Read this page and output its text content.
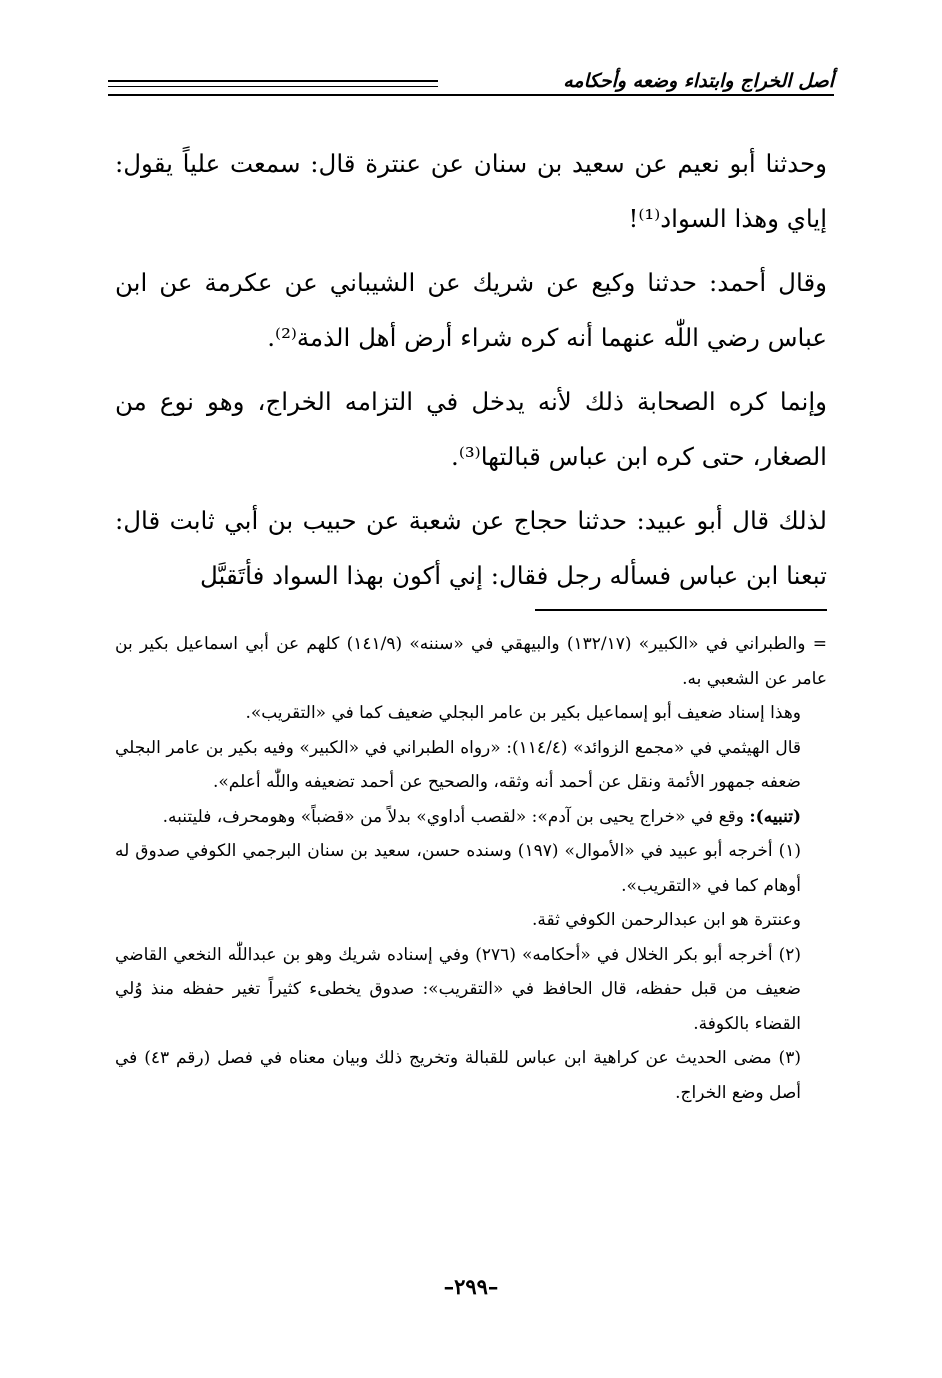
أصل الخراج وابتداء وضعه وأحكامه

وحدثنا أبو نعيم عن سعيد بن سنان عن عنترة قال: سمعت علياً يقول: إياي وهذا السواد⁽¹⁾!

وقال أحمد: حدثنا وكيع عن شريك عن الشيباني عن عكرمة عن ابن عباس رضي اللّٰه عنهما أنه كره شراء أرض أهل الذمة⁽²⁾.

وإنما كره الصحابة ذلك لأنه يدخل في التزامه الخراج، وهو نوع من الصغار، حتى كره ابن عباس قبالتها⁽³⁾.

لذلك قال أبو عبيد: حدثنا حجاج عن شعبة عن حبيب بن أبي ثابت قال: تبعنا ابن عباس فسأله رجل فقال: إني أكون بهذا السواد فأتَقبَّل

= والطبراني في «الكبير» (١٣٢/١٧) والبيهقي في «سننه» (١٤١/٩) كلهم عن أبي اسماعيل بكير بن عامر عن الشعبي به.

وهذا إسناد ضعيف أبو إسماعيل بكير بن عامر البجلي ضعيف كما في «التقريب».

قال الهيثمي في «مجمع الزوائد» (١١٤/٤): «رواه الطبراني في «الكبير» وفيه بكير بن عامر البجلي ضعفه جمهور الأئمة ونقل عن أحمد أنه وثقه، والصحيح عن أحمد تضعيفه واللّٰه أعلم».

(تنبيه): وقع في «خراج يحيى بن آدم»: «لقصب أداوي» بدلاً من «قضباً» وهومحرف، فليتنبه.

(١) أخرجه أبو عبيد في «الأموال» (١٩٧) وسنده حسن، سعيد بن سنان البرجمي الكوفي صدوق له أوهام كما في «التقريب».

وعنترة هو ابن عبدالرحمن الكوفي ثقة.

(٢) أخرجه أبو بكر الخلال في «أحكامه» (٢٧٦) وفي إسناده شريك وهو بن عبداللّٰه النخعي القاضي ضعيف من قبل حفظه، قال الحافظ في «التقريب»: صدوق يخطىء كثيراً تغير حفظه منذ وُلي القضاء بالكوفة.

(٣) مضى الحديث عن كراهية ابن عباس للقبالة وتخريج ذلك وبيان معناه في فصل (رقم ٤٣) في أصل وضع الخراج.

–٢٩٩–
